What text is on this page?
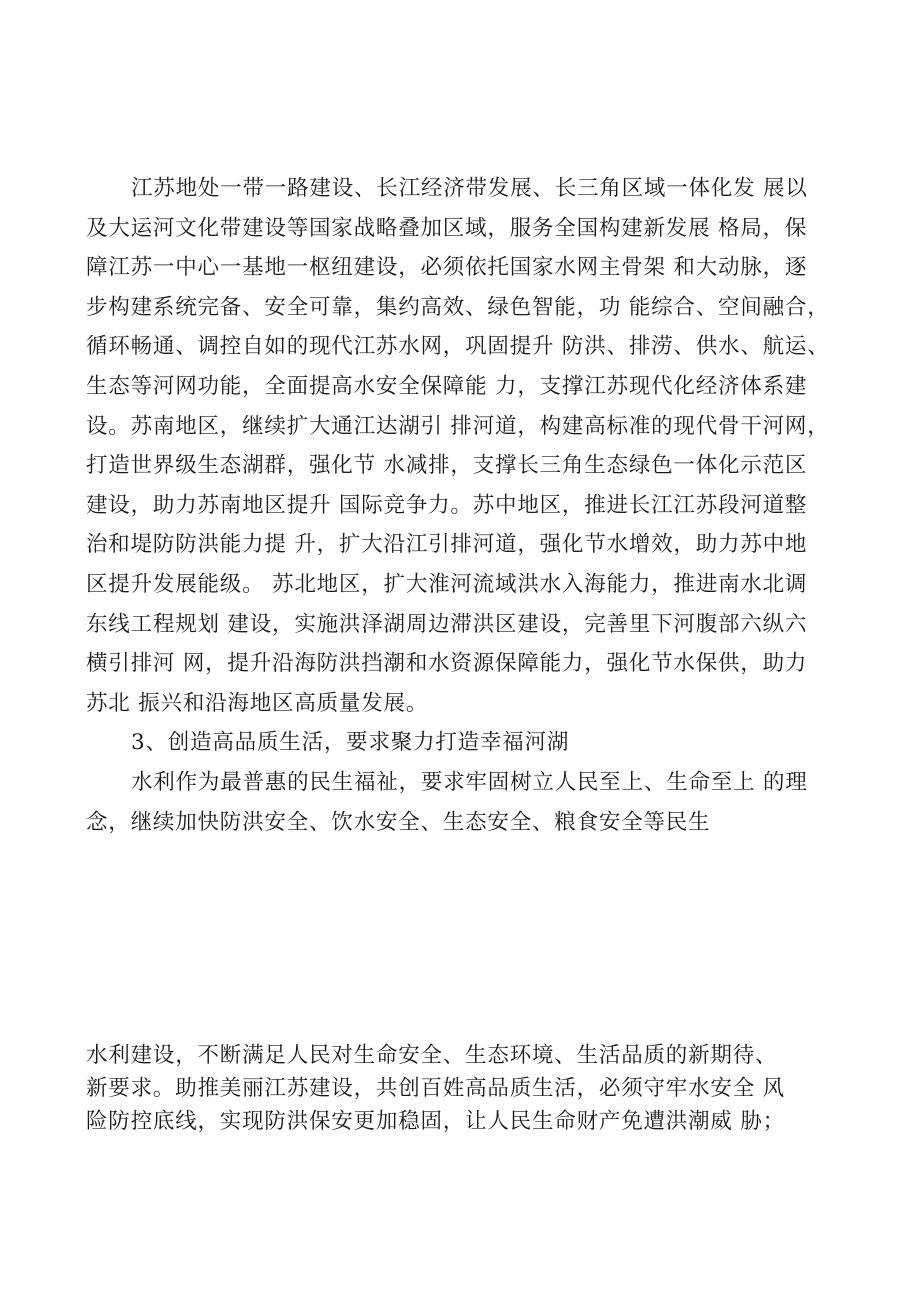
江苏地处一带一路建设、长江经济带发展、长三角区域一体化发 展以
及大运河文化带建设等国家战略叠加区域，服务全国构建新发展 格局，保
障江苏一中心一基地一枢纽建设，必须依托国家水网主骨架 和大动脉，逐
步构建系统完备、安全可靠，集约高效、绿色智能，功 能综合、空间融合，
循环畅通、调控自如的现代江苏水网，巩固提升 防洪、排涝、供水、航运、
生态等河网功能，全面提高水安全保障能 力，支撑江苏现代化经济体系建
设。苏南地区，继续扩大通江达湖引 排河道，构建高标准的现代骨干河网，
打造世界级生态湖群，强化节 水减排，支撑长三角生态绿色一体化示范区
建设，助力苏南地区提升 国际竞争力。苏中地区，推进长江江苏段河道整
治和堤防防洪能力提 升，扩大沿江引排河道，强化节水增效，助力苏中地
区提升发展能级。 苏北地区，扩大淮河流域洪水入海能力，推进南水北调
东线工程规划 建设，实施洪泽湖周边滞洪区建设，完善里下河腹部六纵六
横引排河 网，提升沿海防洪挡潮和水资源保障能力，强化节水保供，助力
苏北 振兴和沿海地区高质量发展。
3、创造高品质生活，要求聚力打造幸福河湖
水利作为最普惠的民生福祉，要求牢固树立人民至上、生命至上 的理
念，继续加快防洪安全、饮水安全、生态安全、粮食安全等民生
水利建设，不断满足人民对生命安全、生态环境、生活品质的新期待、
新要求。助推美丽江苏建设，共创百姓高品质生活，必须守牢水安全 风
险防控底线，实现防洪保安更加稳固，让人民生命财产免遭洪潮威 胁；
